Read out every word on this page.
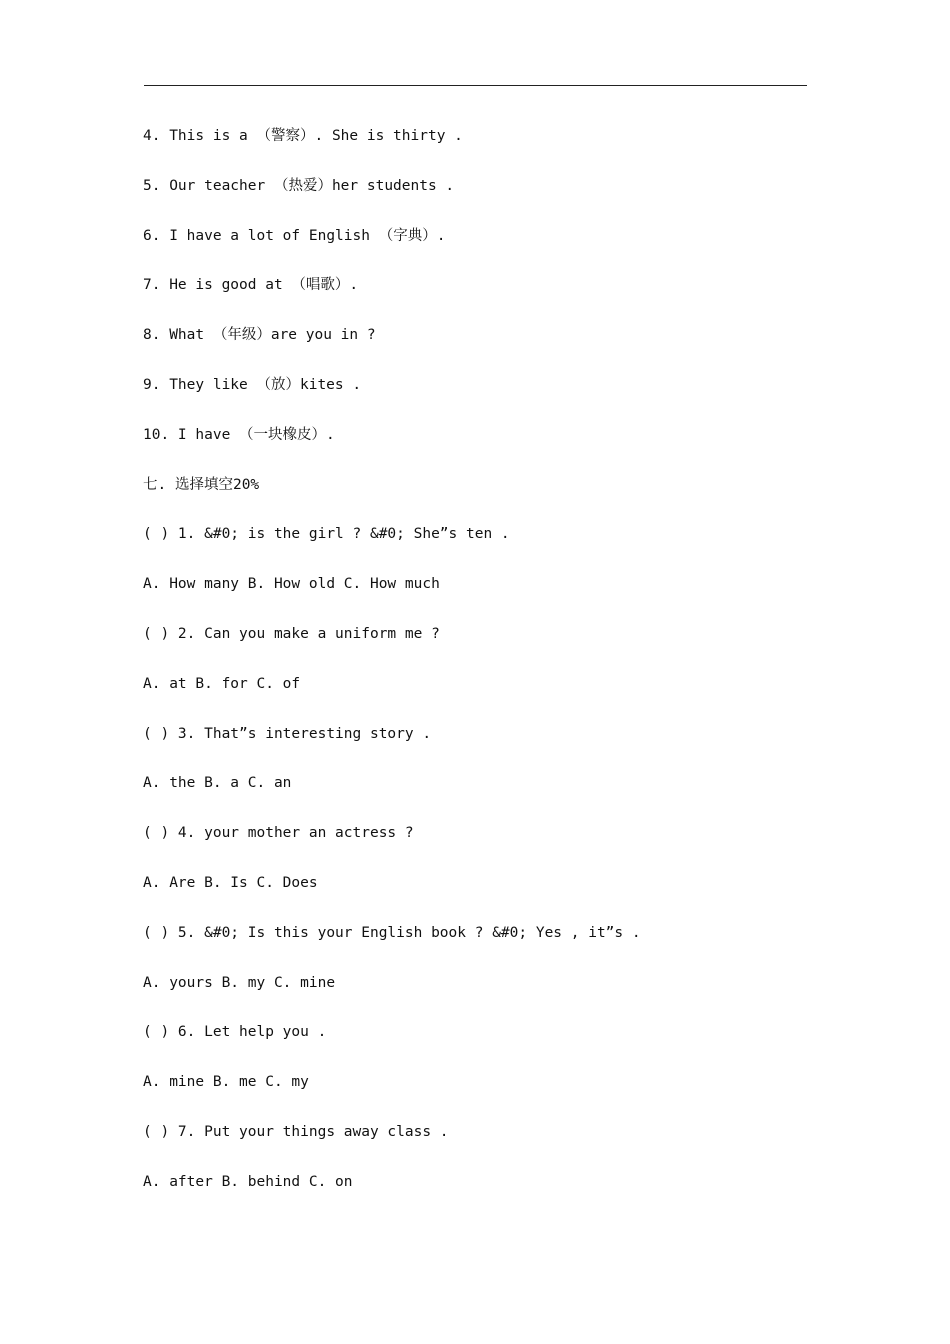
4. This is a （警察）. She is thirty .
5. Our teacher （热爱）her students .
6. I have a lot of English （字典）.
7. He is good at （唱歌）.
8. What （年级）are you in ?
9. They like （放）kites .
10. I have （一块橡皮）.
七. 选择填空20%
( ) 1. &#0; is the girl ? &#0; She”s ten .
A. How many B. How old C. How much
( ) 2. Can you make a uniform me ?
A. at B. for C. of
( ) 3. That”s interesting story .
A. the B. a C. an
( ) 4. your mother an actress ?
A. Are B. Is C. Does
( ) 5. &#0; Is this your English book ? &#0; Yes , it”s .
A. yours B. my C. mine
( ) 6. Let help you .
A. mine B. me C. my
( ) 7. Put your things away class .
A. after B. behind C. on
